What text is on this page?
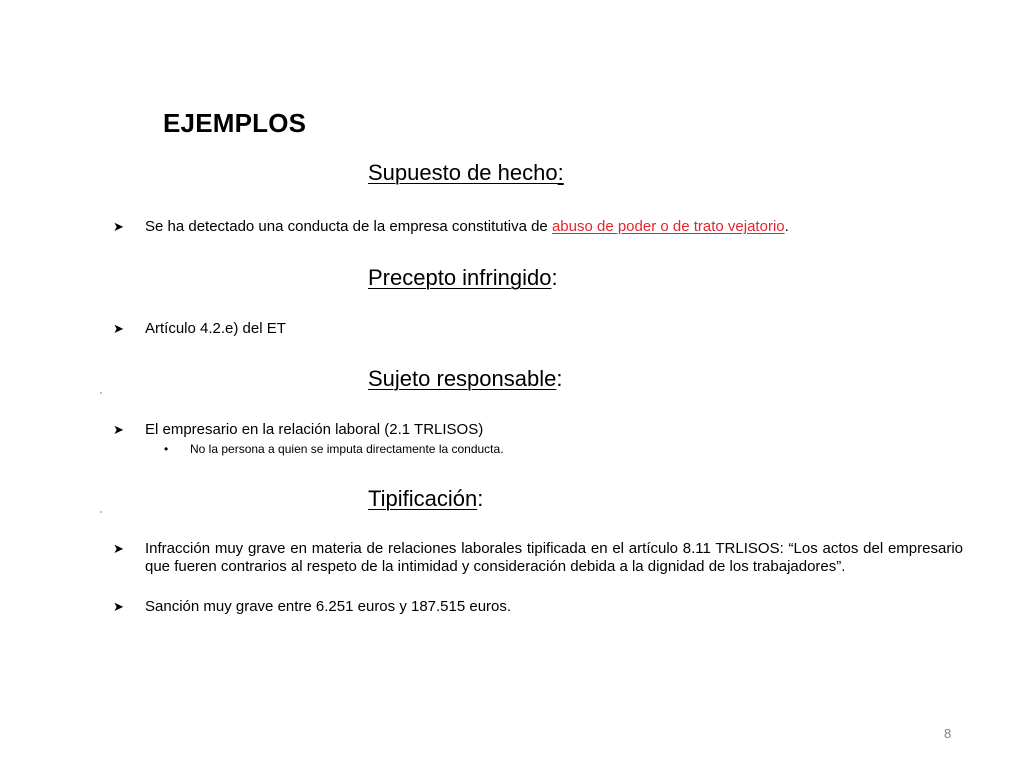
EJEMPLOS
Supuesto de hecho:
➤	Se ha detectado una conducta de la empresa constitutiva de abuso de poder o de trato vejatorio.
Precepto infringido:
➤	Artículo 4.2.e) del ET
Sujeto responsable:
➤	El empresario en la relación laboral (2.1 TRLISOS)
• No la persona a quien se imputa directamente la conducta.
Tipificación:
➤	Infracción muy grave en materia de relaciones laborales tipificada en el artículo 8.11 TRLISOS: “Los actos del empresario que fueren contrarios al respeto de la intimidad y consideración debida a la dignidad de los trabajadores”.
➤	Sanción muy grave entre 6.251 euros y 187.515 euros.
8
